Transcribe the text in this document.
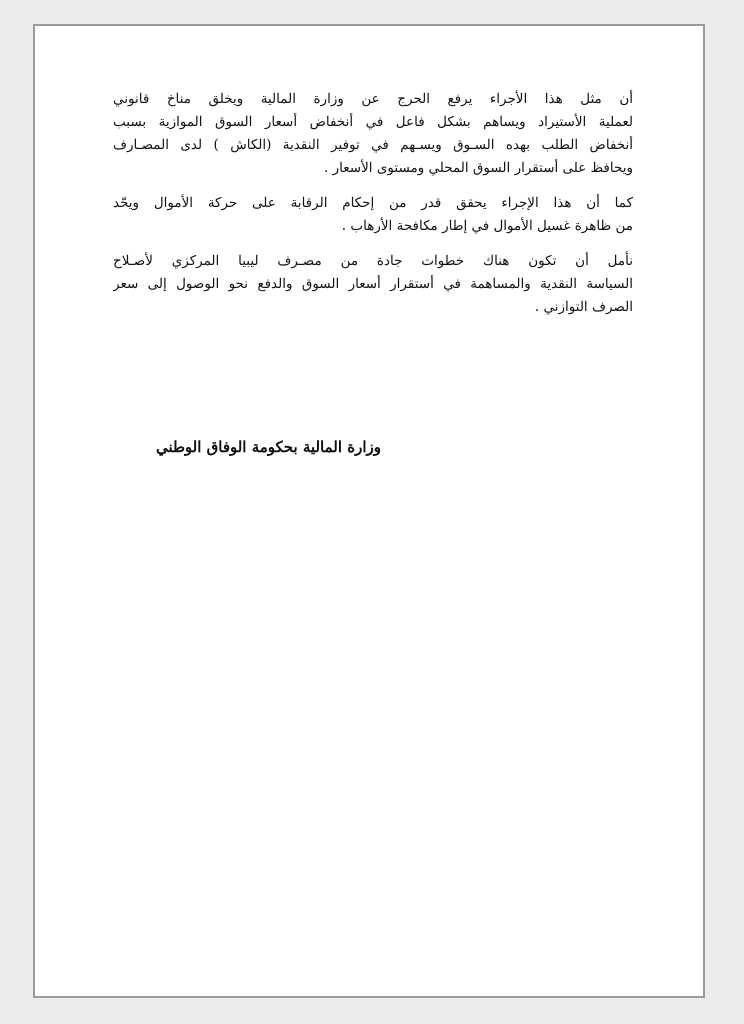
أن مثل هذا الأجراء يرفع الحرج عن وزارة المالية ويخلق مناخ قانوني
لعملية الأستيراد ويساهم بشكل فاعل في أنخفاض أسعار السوق الموازية بسبب
أنخفاض الطلب بهده السـوق ويسـهم في توفير النقدية (الكاش ) لدى المصـارف
ويحافظ على أستقرار السوق المحلي ومستوى الأسعار .

كما أن هذا الإجراء يحقق قدر من إحكام الرقابة على حركة الأموال ويحّد
من ظاهرة غسيل الأموال في إطار مكافحة الأرهاب .

نأمل أن تكون هناك خطوات جادة من مصـرف ليبيا المركزي لأصـلاح
السياسة النقدية والمساهمة في أستقرار أسعار السوق والدفع نحو الوصول إلى سعر
الصرف التوازني .

وزارة المالية بحكومة الوفاق الوطني
